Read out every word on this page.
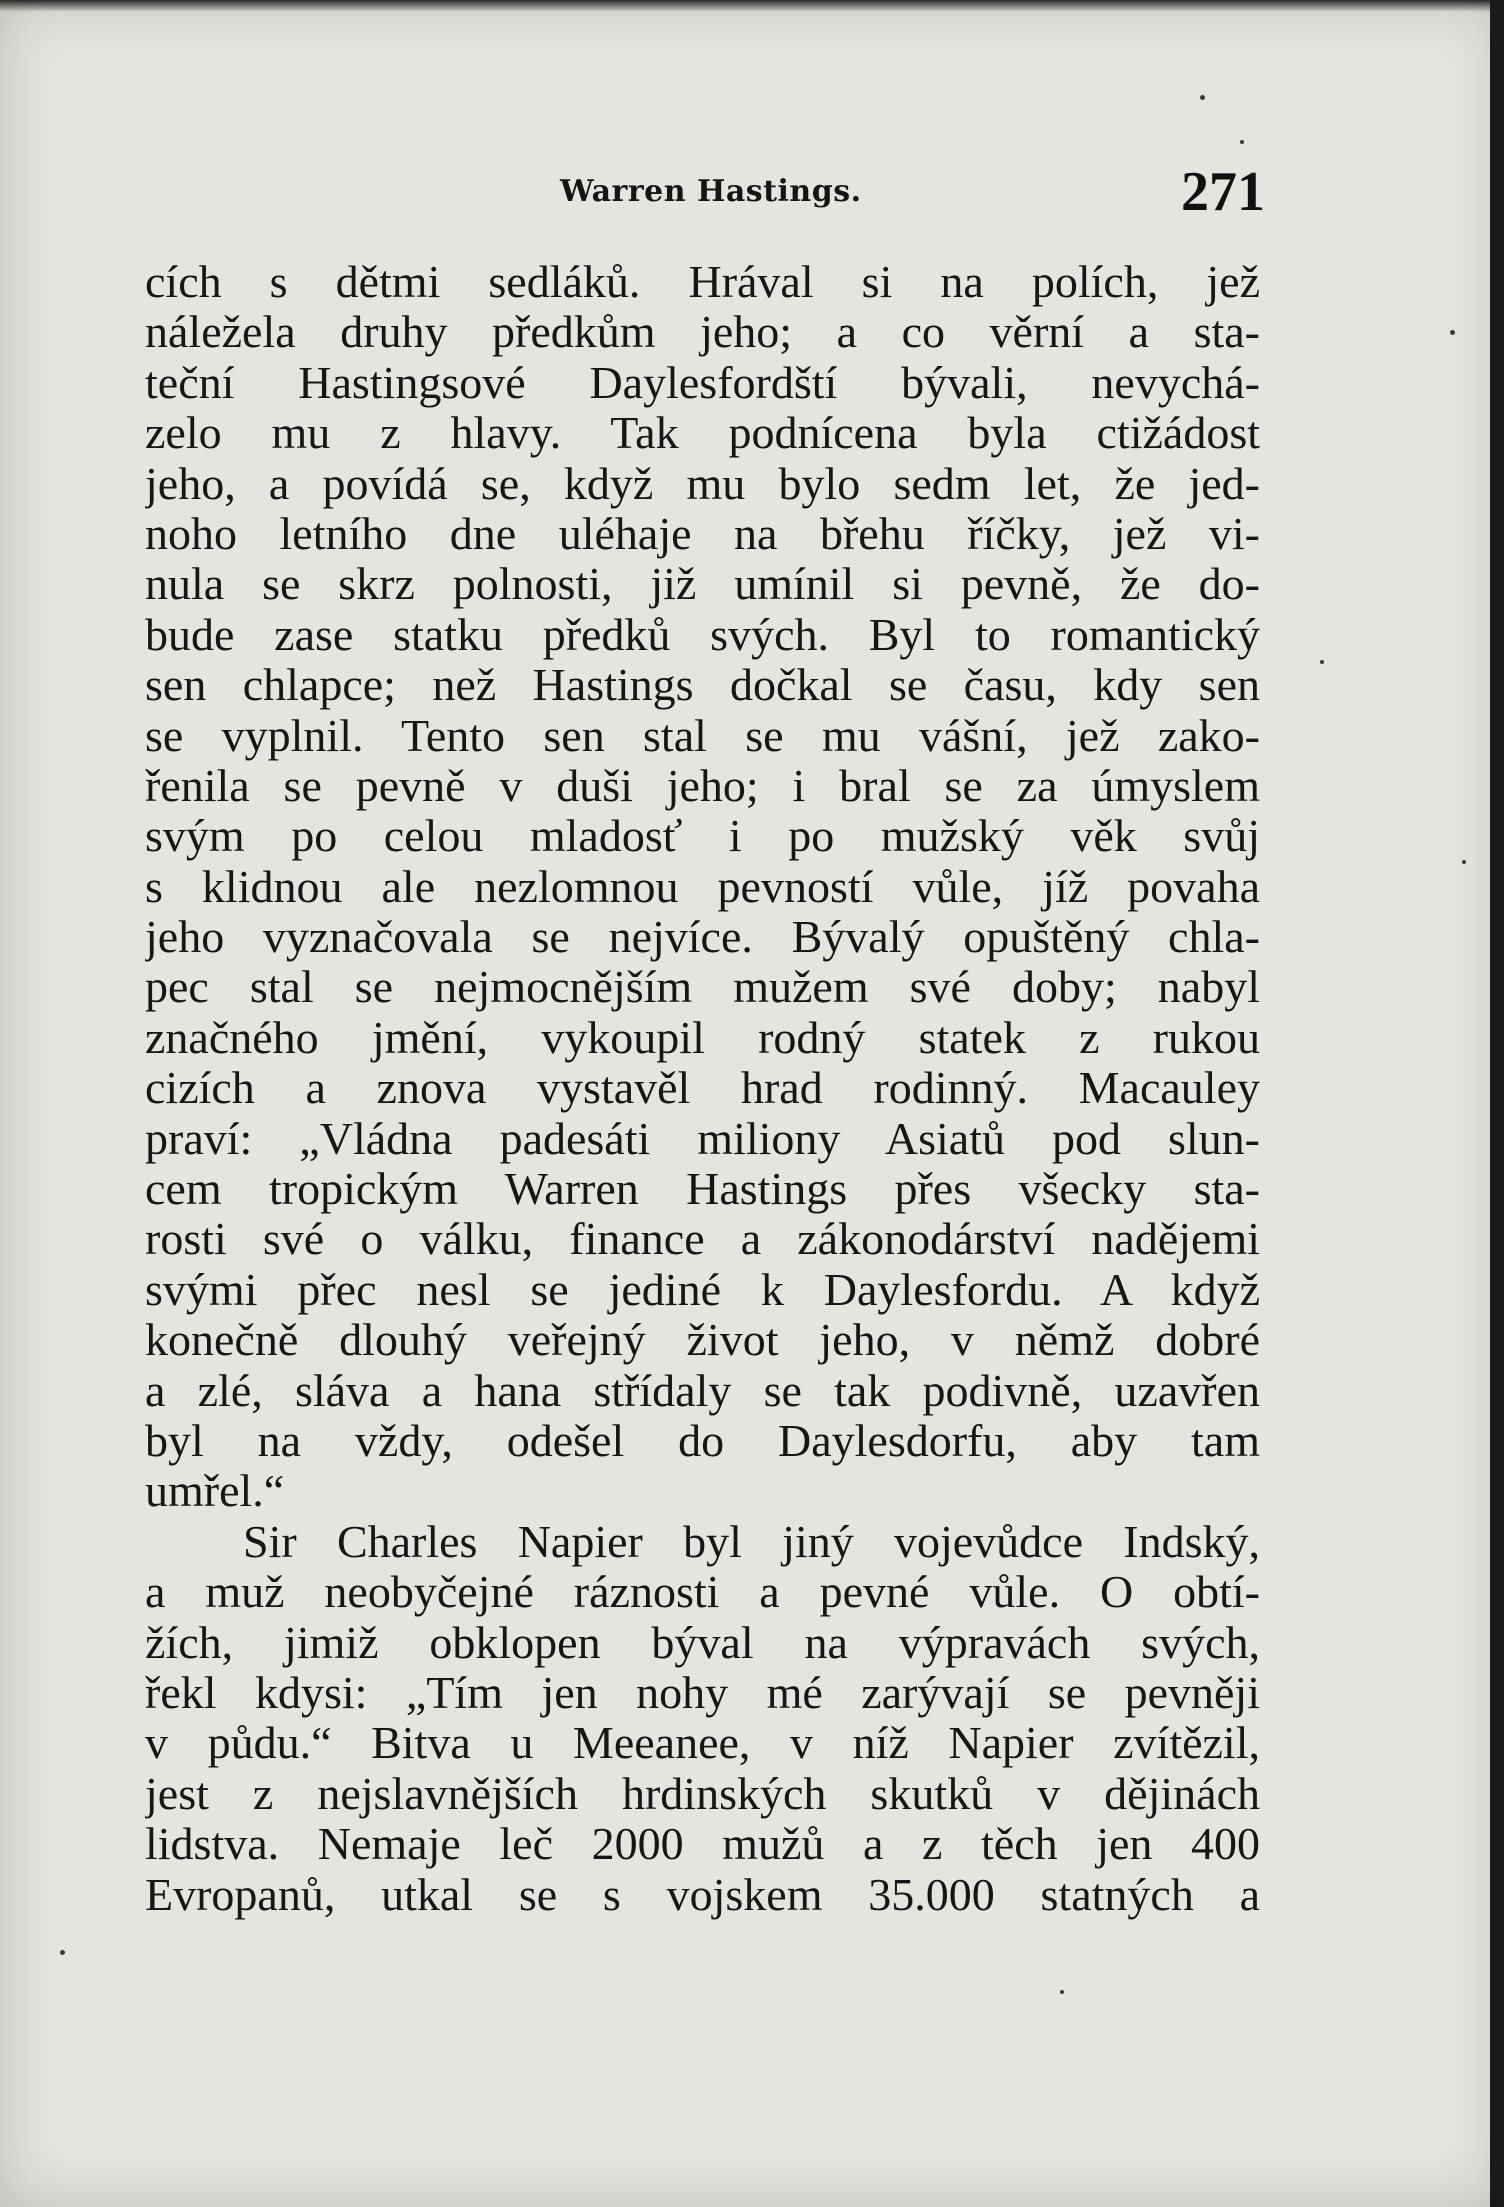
Warren Hastings.	271
cích s dětmi sedláků. Hrával si na polích, jež
náležela druhy předkům jeho; a co věrní a sta-
teční Hastingsové Daylesfordští bývali, nevychá-
zelo mu z hlavy. Tak podnícena byla ctižádost
jeho, a povídá se, když mu bylo sedm let, že jed-
noho letního dne uléhaje na břehu říčky, jež vi-
nula se skrz polnosti, již umínil si pevně, že do-
bude zase statku předků svých. Byl to romantický
sen chlapce; než Hastings dočkal se času, kdy sen
se vyplnil. Tento sen stal se mu vášní, jež zako-
řenila se pevně v duši jeho; i bral se za úmyslem
svým po celou mladosť i po mužský věk svůj
s klidnou ale nezlomnou pevností vůle, jíž povaha
jeho vyznačovala se nejvíce. Bývalý opuštěný chla-
pec stal se nejmocnějším mužem své doby; nabyl
značného jmění, vykoupil rodný statek z rukou
cizích a znova vystavěl hrad rodinný. Macauley
praví: „Vládna padesáti miliony Asiatů pod slun-
cem tropickým Warren Hastings přes všecky sta-
rosti své o válku, finance a zákonodárství nadějemi
svými přec nesl se jediné k Daylesfordu. A když
konečně dlouhý veřejný život jeho, v němž dobré
a zlé, sláva a hana střídaly se tak podivně, uzavřen
byl na vždy, odešel do Daylesdorfu, aby tam
umřel.“
Sir Charles Napier byl jiný vojevůdce Indský,
a muž neobyčejné ráznosti a pevné vůle. O obtí-
žích, jimiž obklopen býval na výpravách svých,
řekl kdysi: „Tím jen nohy mé zarývají se pevněji
v půdu.“ Bitva u Meeanee, v níž Napier zvítězil,
jest z nejslavnějších hrdinských skutků v dějinách
lidstva. Nemaje leč 2000 mužů a z těch jen 400
Evropanů, utkal se s vojskem 35.000 statných a
